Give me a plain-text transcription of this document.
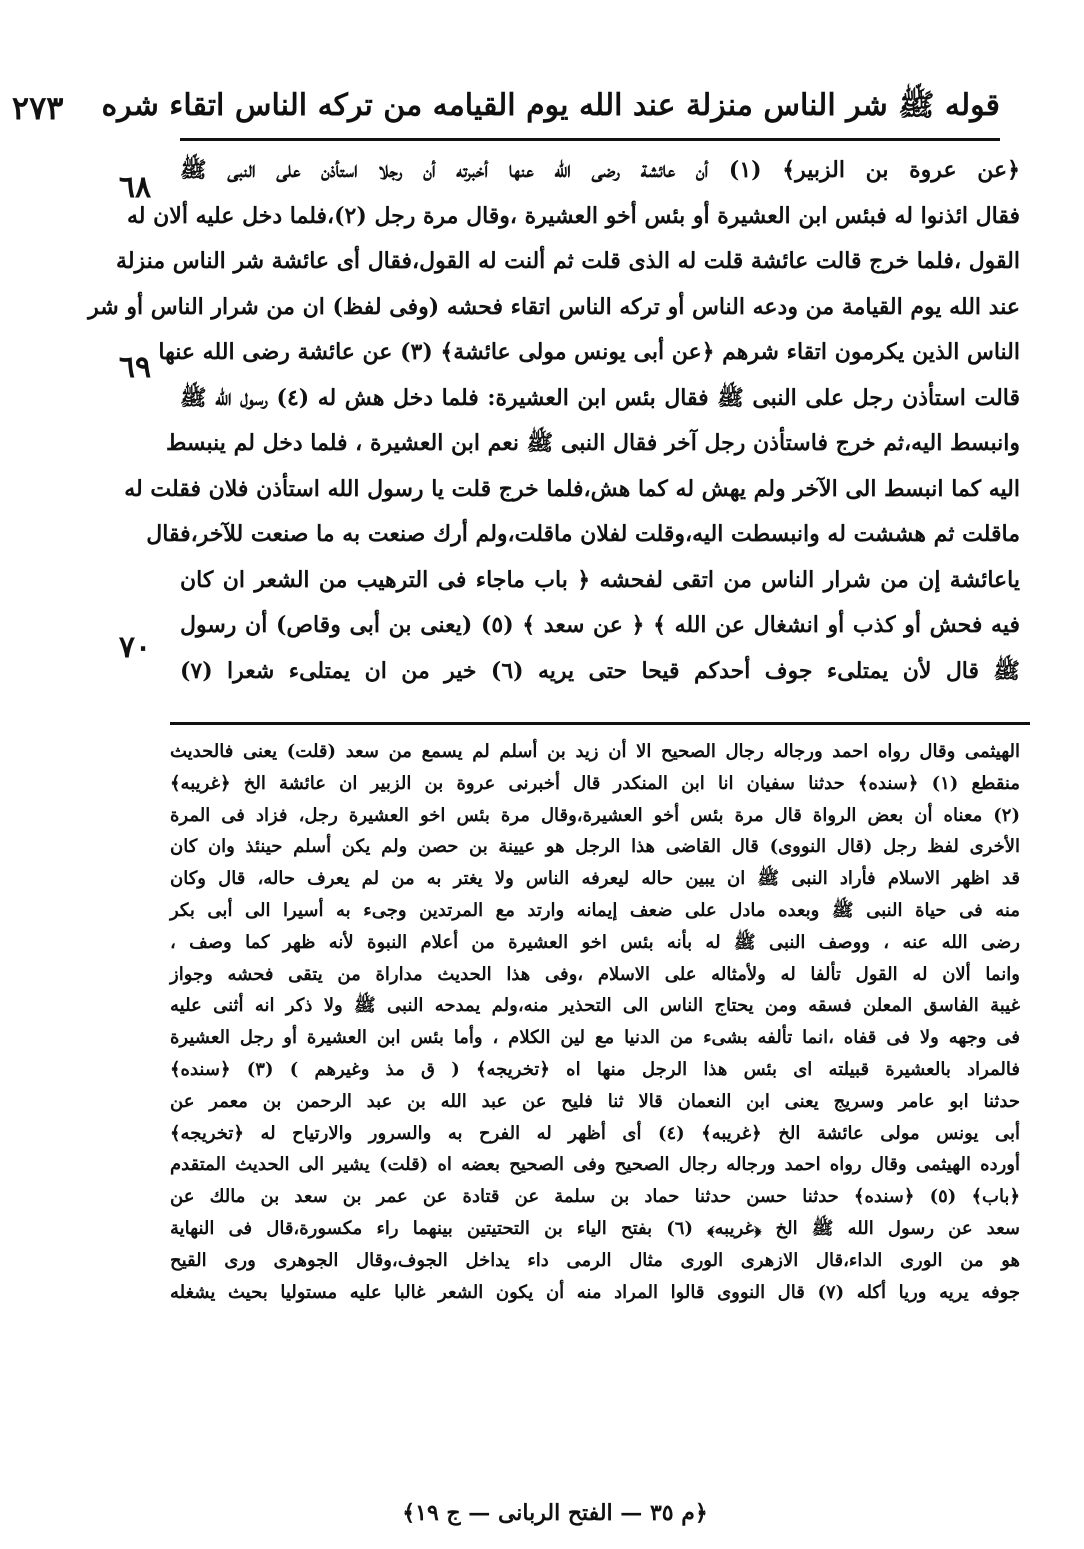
قوله ﷺ شر الناس منزلة عند الله يوم القيامه من تركه الناس اتقاء شره
٢٧٣
٦٨
٦٩
٧٠
﴿عن عروة بن الزبير﴾ (١) أن عائشة رضى الله عنها أخبرته أن رجلا استأذن على النبى ﷺ
فقال ائذنوا له فبئس ابن العشيرة أو بئس أخو العشيرة ،وقال مرة رجل (٢)،فلما دخل عليه ألان له
القول ،فلما خرج قالت عائشة قلت له الذى قلت ثم ألنت له القول،فقال أى عائشة شر الناس منزلة
عند الله يوم القيامة من ودعه الناس أو تركه الناس اتقاء فحشه (وفى لفظ) ان من شرار الناس أو شر
الناس الذين يكرمون اتقاء شرهم ﴿عن أبى يونس مولى عائشة﴾ (٣) عن عائشة رضى الله عنها
قالت استأذن رجل على النبى ﷺ فقال بئس ابن العشيرة: فلما دخل هش له (٤) رسول الله ﷺ
وانبسط اليه،ثم خرج فاستأذن رجل آخر فقال النبى ﷺ نعم ابن العشيرة ، فلما دخل لم ينبسط
اليه كما انبسط الى الآخر ولم يهش له كما هش،فلما خرج قلت يا رسول الله استأذن فلان فقلت له
ماقلت ثم هششت له وانبسطت اليه،وقلت لفلان ماقلت،ولم أرك صنعت به ما صنعت للآخر،فقال
ياعائشة إن من شرار الناس من اتقى لفحشه ﴿ باب ماجاء فى الترهيب من الشعر ان كان
فيه فحش أو كذب أو انشغال عن الله ﴾ ﴿ عن سعد ﴾ (٥) (يعنى بن أبى وقاص) أن رسول
ﷺ قال لأن يمتلىء جوف أحدكم قيحا حتى يريه (٦) خير من ان يمتلىء شعرا (٧)
الهيثمى وقال رواه احمد ورجاله رجال الصحيح الا أن زيد بن أسلم لم يسمع من سعد (قلت) يعنى فالحديث
منقطع (١) ﴿سنده﴾ حدثنا سفيان انا ابن المنكدر قال أخبرنى عروة بن الزبير ان عائشة الخ ﴿غريبه﴾
(٢) معناه أن بعض الرواة قال مرة بئس أخو العشيرة،وقال مرة بئس اخو العشيرة رجل، فزاد فى المرة
الأخرى لفظ رجل (قال النووى) قال القاضى هذا الرجل هو عيينة بن حصن ولم يكن أسلم حينئذ وان كان
قد اظهر الاسلام فأراد النبى ﷺ ان يبين حاله ليعرفه الناس ولا يغتر به من لم يعرف حاله، قال وكان
منه فى حياة النبى ﷺ وبعده مادل على ضعف إيمانه وارتد مع المرتدين وجىء به أسيرا الى أبى بكر
رضى الله عنه ، ووصف النبى ﷺ له بأنه بئس اخو العشيرة من أعلام النبوة لأنه ظهر كما وصف ،
وانما ألان له القول تألفا له ولأمثاله على الاسلام ،وفى هذا الحديث مداراة من يتقى فحشه وجواز
غيبة الفاسق المعلن فسقه ومن يحتاج الناس الى التحذير منه،ولم يمدحه النبى ﷺ ولا ذكر انه أثنى عليه
فى وجهه ولا فى قفاه ،انما تألفه بشىء من الدنيا مع لين الكلام ، وأما بئس ابن العشيرة أو رجل العشيرة
فالمراد بالعشيرة قبيلته اى بئس هذا الرجل منها اه ﴿تخريجه﴾ ( ق مذ وغيرهم ) (٣) ﴿سنده﴾
حدثنا ابو عامر وسريج يعنى ابن النعمان قالا ثنا فليح عن عبد الله بن عبد الرحمن بن معمر عن
أبى يونس مولى عائشة الخ ﴿غريبه﴾ (٤) أى أظهر له الفرح به والسرور والارتياح له ﴿تخريجه﴾
أورده الهيثمى وقال رواه احمد ورجاله رجال الصحيح وفى الصحيح بعضه اه (قلت) يشير الى الحديث المتقدم
﴿باب﴾ (٥) ﴿سنده﴾ حدثنا حسن حدثنا حماد بن سلمة عن قتادة عن عمر بن سعد بن مالك عن
سعد عن رسول الله ﷺ الخ ﴿غريبه﴾ (٦) بفتح الياء بن التحتيتين بينهما راء مكسورة،قال فى النهاية
هو من الورى الداء،قال الازهرى الورى مثال الرمى داء يداخل الجوف،وقال الجوهرى ورى القيح
جوفه يريه وريا أكله (٧) قال النووى قالوا المراد منه أن يكون الشعر غالبا عليه مستوليا بحيث يشغله
﴿م ٣٥ — الفتح الربانى — ج ١٩﴾
